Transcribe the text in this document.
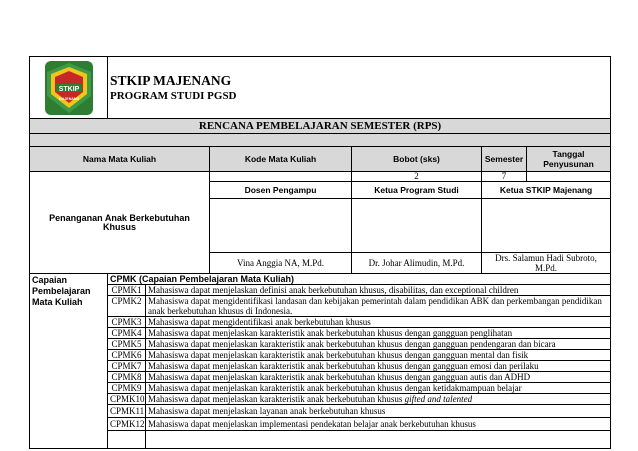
STKIP
MAJENANG	STKIP MAJENANG
PROGRAM STUDI PGSD					

RENCANA PEMBELAJARAN SEMESTER (RPS)						

Nama Mata Kuliah			Kode Mata Kuliah	Bobot (sks)	Semester	Tanggal Penyusunan
Penanganan Anak Berkebutuhan Khusus				2	7	
			Dosen Pengampu	Ketua Program Studi	Ketua STKIP Majenang	

			Vina Anggia NA, M.Pd.	Dr. Johar Alimudin, M.Pd.	Drs. Salamun Hadi Subroto, M.Pd.	
Capaian Pembelajaran Mata Kuliah	CPMK (Capaian Pembelajaran Mata Kuliah)					
	CPMK1	Mahasiswa dapat menjelaskan definisi anak berkebutuhan khusus, disabilitas, dan exceptional children				
	CPMK2	Mahasiswa dapat mengidentifikasi landasan dan kebijakan pemerintah dalam pendidikan ABK dan perkembangan pendidikan anak berkebutuhan khusus di Indonesia.				
	CPMK3	Mahasiswa dapat mengidentifikasi anak berkebutuhan khusus				
	CPMK4	Mahasiswa dapat menjelaskan karakteristik anak berkebutuhan khusus dengan gangguan penglihatan				
	CPMK5	Mahasiswa dapat menjelaskan karakteristik anak berkebutuhan khusus dengan gangguan pendengaran dan bicara				
	CPMK6	Mahasiswa dapat menjelaskan karakteristik anak berkebutuhan khusus dengan gangguan mental dan fisik				
	CPMK7	Mahasiswa dapat menjelaskan karakteristik anak berkebutuhan khusus dengan gangguan emosi dan perilaku				
	CPMK8	Mahasiswa dapat menjelaskan karakteristik anak berkebutuhan khusus dengan gangguan autis dan ADHD				
	CPMK9	Mahasiswa dapat menjelaskan karakteristik anak berkebutuhan khusus dengan ketidakmampuan belajar				
	CPMK10	Mahasiswa dapat menjelaskan karakteristik anak berkebutuhan khusus gifted and talented				
	CPMK11	Mahasiswa dapat menjelaskan layanan anak berkebutuhan khusus				
	CPMK12	Mahasiswa dapat menjelaskan implementasi pendekatan belajar anak berkebutuhan khusus				
